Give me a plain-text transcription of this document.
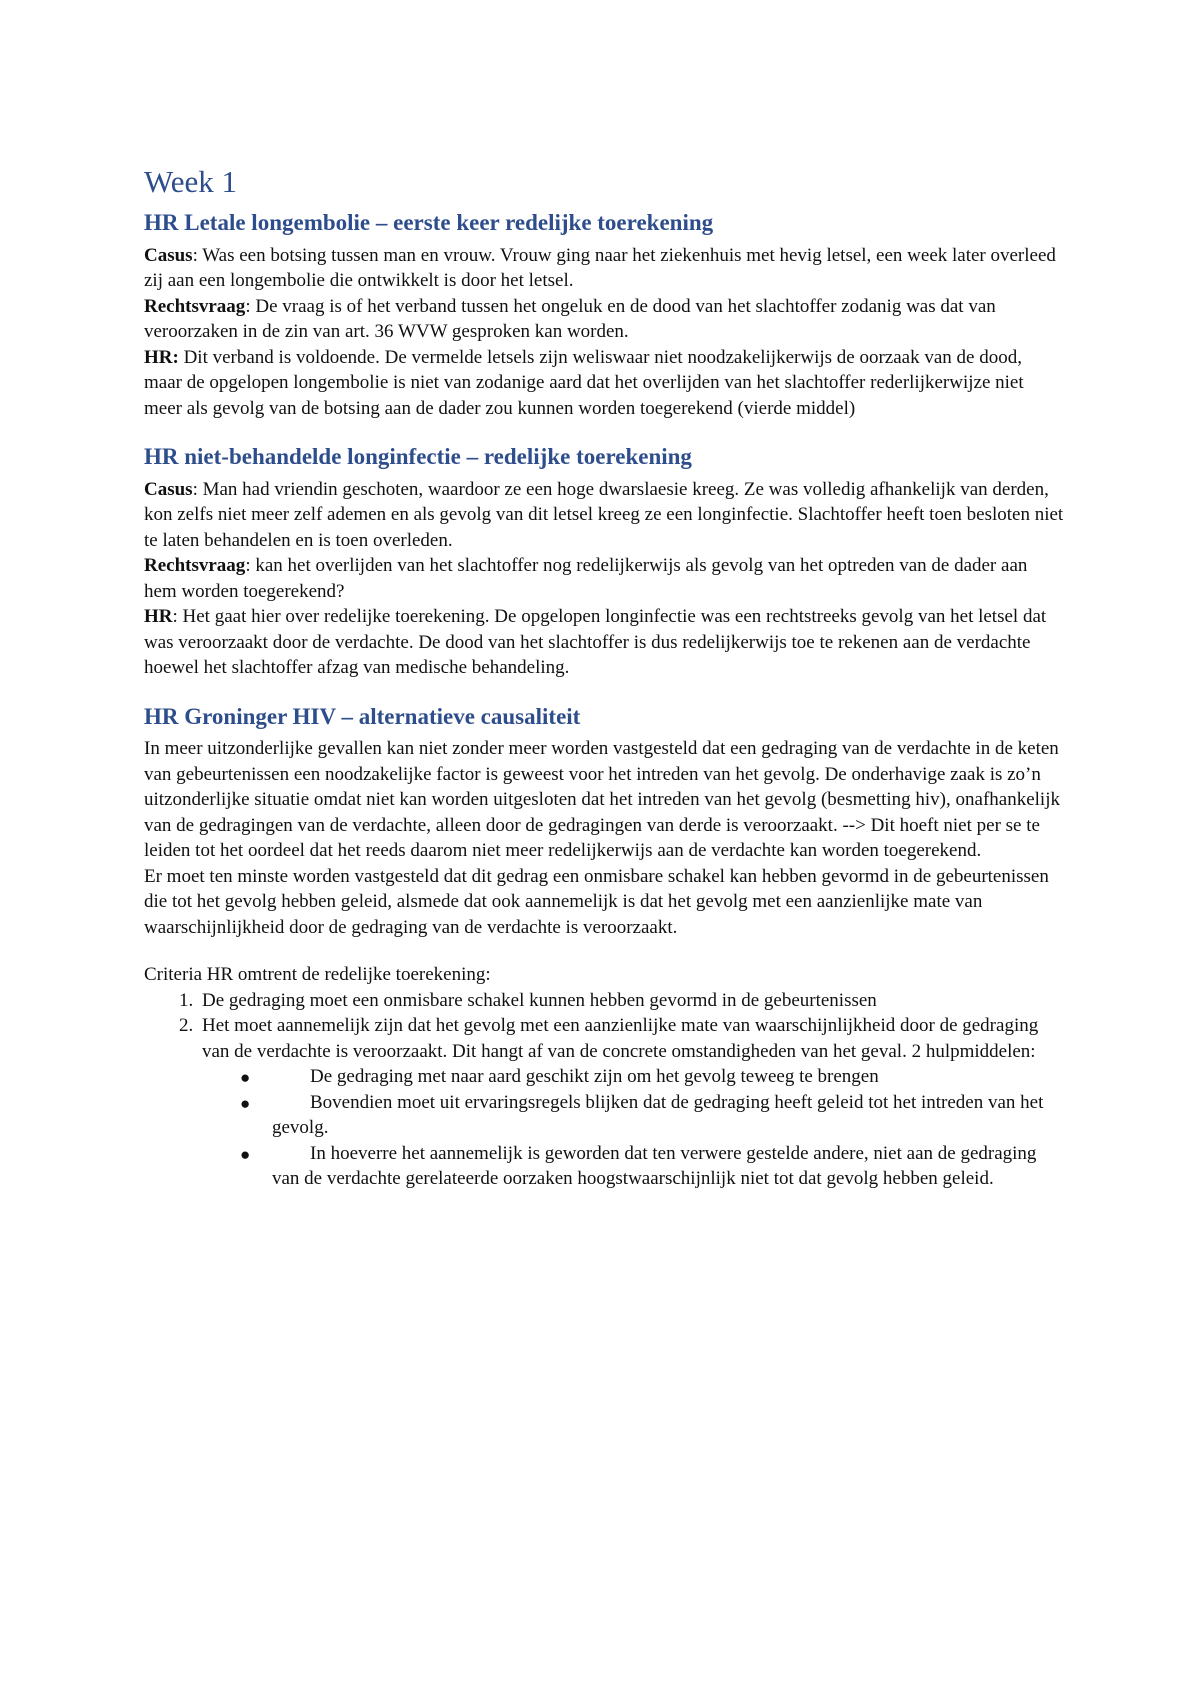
Week 1
HR Letale longembolie – eerste keer redelijke toerekening

Casus: Was een botsing tussen man en vrouw. Vrouw ging naar het ziekenhuis met hevig letsel, een week later overleed zij aan een longembolie die ontwikkelt is door het letsel.

Rechtsvraag: De vraag is of het verband tussen het ongeluk en de dood van het slachtoffer zodanig was dat van veroorzaken in de zin van art. 36 WVW gesproken kan worden.

HR: Dit verband is voldoende. De vermelde letsels zijn weliswaar niet noodzakelijkerwijs de oorzaak van de dood, maar de opgelopen longembolie is niet van zodanige aard dat het overlijden van het slachtoffer rederlijkerwijze niet meer als gevolg van de botsing aan de dader zou kunnen worden toegerekend (vierde middel)

HR niet-behandelde longinfectie – redelijke toerekening

Casus: Man had vriendin geschoten, waardoor ze een hoge dwarslaesie kreeg. Ze was volledig afhankelijk van derden, kon zelfs niet meer zelf ademen en als gevolg van dit letsel kreeg ze een longinfectie. Slachtoffer heeft toen besloten niet te laten behandelen en is toen overleden.

Rechtsvraag: kan het overlijden van het slachtoffer nog redelijkerwijs als gevolg van het optreden van de dader aan hem worden toegerekend?

HR: Het gaat hier over redelijke toerekening. De opgelopen longinfectie was een rechtstreeks gevolg van het letsel dat was veroorzaakt door de verdachte. De dood van het slachtoffer is dus redelijkerwijs toe te rekenen aan de verdachte hoewel het slachtoffer afzag van medische behandeling.

HR Groninger HIV – alternatieve causaliteit

In meer uitzonderlijke gevallen kan niet zonder meer worden vastgesteld dat een gedraging van de verdachte in de keten van gebeurtenissen een noodzakelijke factor is geweest voor het intreden van het gevolg. De onderhavige zaak is zo’n uitzonderlijke situatie omdat niet kan worden uitgesloten dat het intreden van het gevolg (besmetting hiv), onafhankelijk van de gedragingen van de verdachte, alleen door de gedragingen van derde is veroorzaakt. --> Dit hoeft niet per se te leiden tot het oordeel dat het reeds daarom niet meer redelijkerwijs aan de verdachte kan worden toegerekend.

Er moet ten minste worden vastgesteld dat dit gedrag een onmisbare schakel kan hebben gevormd in de gebeurtenissen die tot het gevolg hebben geleid, alsmede dat ook aannemelijk is dat het gevolg met een aanzienlijke mate van waarschijnlijkheid door de gedraging van de verdachte is veroorzaakt.

Criteria HR omtrent de redelijke toerekening:

1. De gedraging moet een onmisbare schakel kunnen hebben gevormd in de gebeurtenissen
2. Het moet aannemelijk zijn dat het gevolg met een aanzienlijke mate van waarschijnlijkheid door de gedraging van de verdachte is veroorzaakt. Dit hangt af van de concrete omstandigheden van het geval. 2 hulpmiddelen:
●	De gedraging met naar aard geschikt zijn om het gevolg teweeg te brengen
●	Bovendien moet uit ervaringsregels blijken dat de gedraging heeft geleid tot het intreden van het gevolg.
●	In hoeverre het aannemelijk is geworden dat ten verwere gestelde andere, niet aan de gedraging van de verdachte gerelateerde oorzaken hoogstwaarschijnlijk niet tot dat gevolg hebben geleid.
